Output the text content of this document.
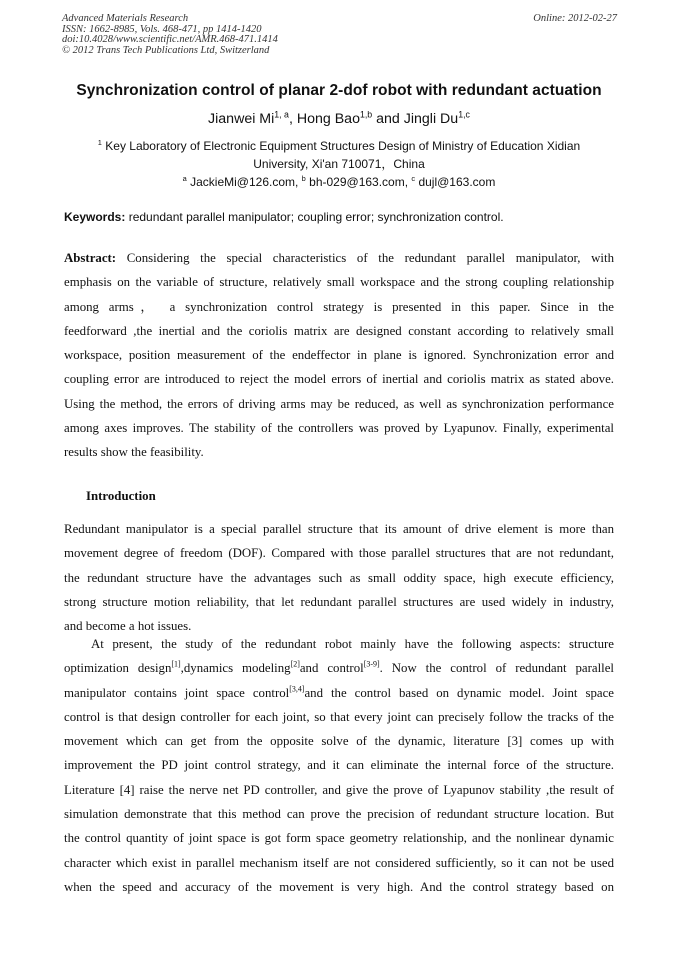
Advanced Materials Research
ISSN: 1662-8985, Vols. 468-471, pp 1414-1420
doi:10.4028/www.scientific.net/AMR.468-471.1414
© 2012 Trans Tech Publications Ltd, Switzerland
Online: 2012-02-27
Synchronization control of planar 2-dof robot with redundant actuation
Jianwei Mi$^{1, a}$, Hong Bao$^{1,b}$ and Jingli Du$^{1,c}$
$^1$ Key Laboratory of Electronic Equipment Structures Design of Ministry of Education Xidian
University, Xi'an 710071，China
$^a$ JackieMi@126.com, $^b$ bh-029@163.com, $^c$ dujl@163.com
Keywords: redundant parallel manipulator; coupling error; synchronization control.
Abstract: Considering the special characteristics of the redundant parallel manipulator, with
emphasis on the variable of structure, relatively small workspace and the strong coupling relationship
among arms， a synchronization control strategy is presented in this paper. Since in the
feedforward ,the inertial and the coriolis matrix are designed constant according to relatively small
workspace, position measurement of the endeffector in plane is ignored. Synchronization error and
coupling error are introduced to reject the model errors of inertial and coriolis matrix as stated above.
Using the method, the errors of driving arms may be reduced, as well as synchronization performance
among axes improves. The stability of the controllers was proved by Lyapunov. Finally, experimental
results show the feasibility.
Introduction
Redundant manipulator is a special parallel structure that its amount of drive element is more than
movement degree of freedom (DOF). Compared with those parallel structures that are not redundant,
the redundant structure have the advantages such as small oddity space, high execute efficiency,
strong structure motion reliability, that let redundant parallel structures are used widely in industry,
and become a hot issues.
At present, the study of the redundant robot mainly have the following aspects: structure
optimization design[1],dynamics modeling[2]and control[3-9]. Now the control of redundant parallel
manipulator contains joint space control[3,4]and the control based on dynamic model. Joint space
control is that design controller for each joint, so that every joint can precisely follow the tracks of the
movement which can get from the opposite solve of the dynamic, literature [3] comes up with
improvement the PD joint control strategy, and it can eliminate the internal force of the structure.
Literature [4] raise the nerve net PD controller, and give the prove of Lyapunov stability ,the result of
simulation demonstrate that this method can prove the precision of redundant structure location. But
the control quantity of joint space is got form space geometry relationship, and the nonlinear dynamic
character which exist in parallel mechanism itself are not considered sufficiently, so it can not be used
when the speed and accuracy of the movement is very high. And the control strategy based on
